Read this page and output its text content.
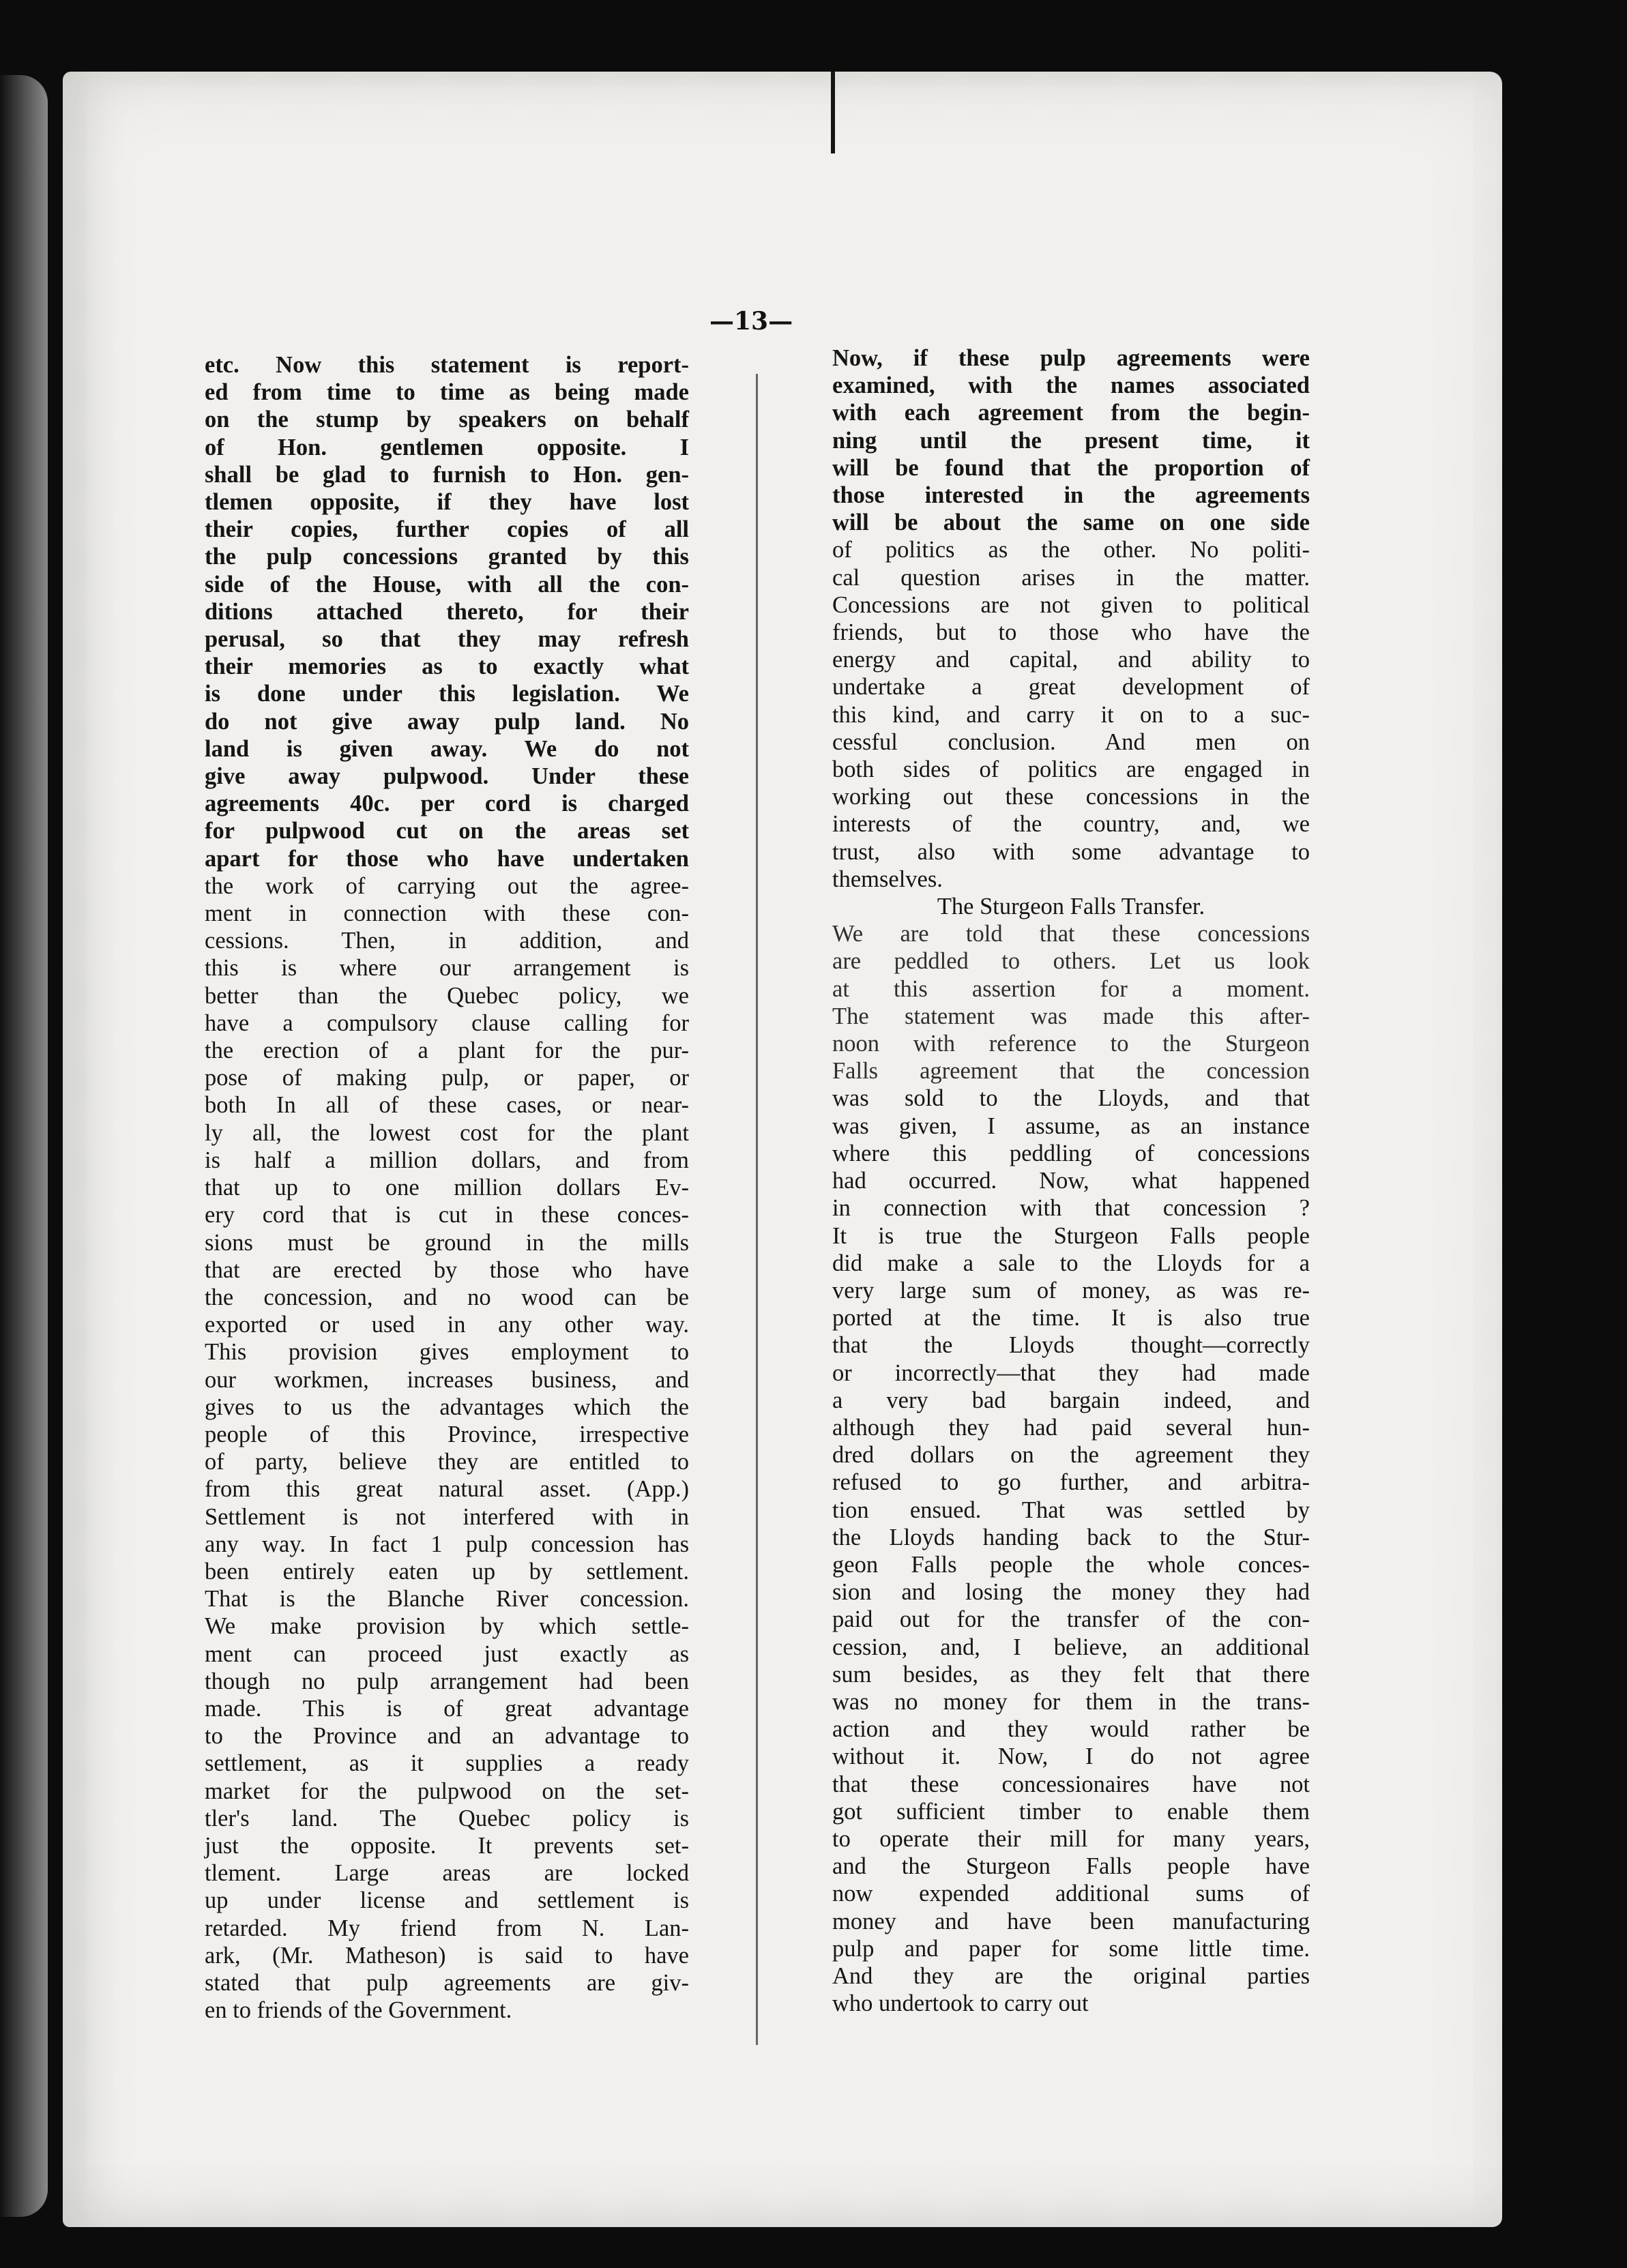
—13—
etc. Now this statement is report-
ed from time to time as being made
on the stump by speakers on behalf
of Hon. gentlemen opposite. I
shall be glad to furnish to Hon. gen-
tlemen opposite, if they have lost
their copies, further copies of all
the pulp concessions granted by this
side of the House, with all the con-
ditions attached thereto, for their
perusal, so that they may refresh
their memories as to exactly what
is done under this legislation. We
do not give away pulp land. No
land is given away. We do not
give away pulpwood. Under these
agreements 40c. per cord is charged
for pulpwood cut on the areas set
apart for those who have undertaken
the work of carrying out the agree-
ment in connection with these con-
cessions. Then, in addition, and
this is where our arrangement is
better than the Quebec policy, we
have a compulsory clause calling for
the erection of a plant for the pur-
pose of making pulp, or paper, or
both In all of these cases, or near-
ly all, the lowest cost for the plant
is half a million dollars, and from
that up to one million dollars Ev-
ery cord that is cut in these conces-
sions must be ground in the mills
that are erected by those who have
the concession, and no wood can be
exported or used in any other way.
This provision gives employment to
our workmen, increases business, and
gives to us the advantages which the
people of this Province, irrespective
of party, believe they are entitled to
from this great natural asset. (App.)
Settlement is not interfered with in
any way. In fact 1 pulp concession has
been entirely eaten up by settlement.
That is the Blanche River concession.
We make provision by which settle-
ment can proceed just exactly as
though no pulp arrangement had been
made. This is of great advantage
to the Province and an advantage to
settlement, as it supplies a ready
market for the pulpwood on the set-
tler's land. The Quebec policy is
just the opposite. It prevents set-
tlement. Large areas are locked
up under license and settlement is
retarded. My friend from N. Lan-
ark, (Mr. Matheson) is said to have
stated that pulp agreements are giv-
en to friends of the Government.
Now, if these pulp agreements were
examined, with the names associated
with each agreement from the begin-
ning until the present time, it
will be found that the proportion of
those interested in the agreements
will be about the same on one side
of politics as the other. No politi-
cal question arises in the matter.
Concessions are not given to political
friends, but to those who have the
energy and capital, and ability to
undertake a great development of
this kind, and carry it on to a suc-
cessful conclusion. And men on
both sides of politics are engaged in
working out these concessions in the
interests of the country, and, we
trust, also with some advantage to
themselves.
The Sturgeon Falls Transfer.
We are told that these concessions
are peddled to others. Let us look
at this assertion for a moment.
The statement was made this after-
noon with reference to the Sturgeon
Falls agreement that the concession
was sold to the Lloyds, and that
was given, I assume, as an instance
where this peddling of concessions
had occurred. Now, what happened
in connection with that concession ?
It is true the Sturgeon Falls people
did make a sale to the Lloyds for a
very large sum of money, as was re-
ported at the time. It is also true
that the Lloyds thought—correctly
or incorrectly—that they had made
a very bad bargain indeed, and
although they had paid several hun-
dred dollars on the agreement they
refused to go further, and arbitra-
tion ensued. That was settled by
the Lloyds handing back to the Stur-
geon Falls people the whole conces-
sion and losing the money they had
paid out for the transfer of the con-
cession, and, I believe, an additional
sum besides, as they felt that there
was no money for them in the trans-
action and they would rather be
without it. Now, I do not agree
that these concessionaires have not
got sufficient timber to enable them
to operate their mill for many years,
and the Sturgeon Falls people have
now expended additional sums of
money and have been manufacturing
pulp and paper for some little time.
And they are the original parties
who undertook to carry out
